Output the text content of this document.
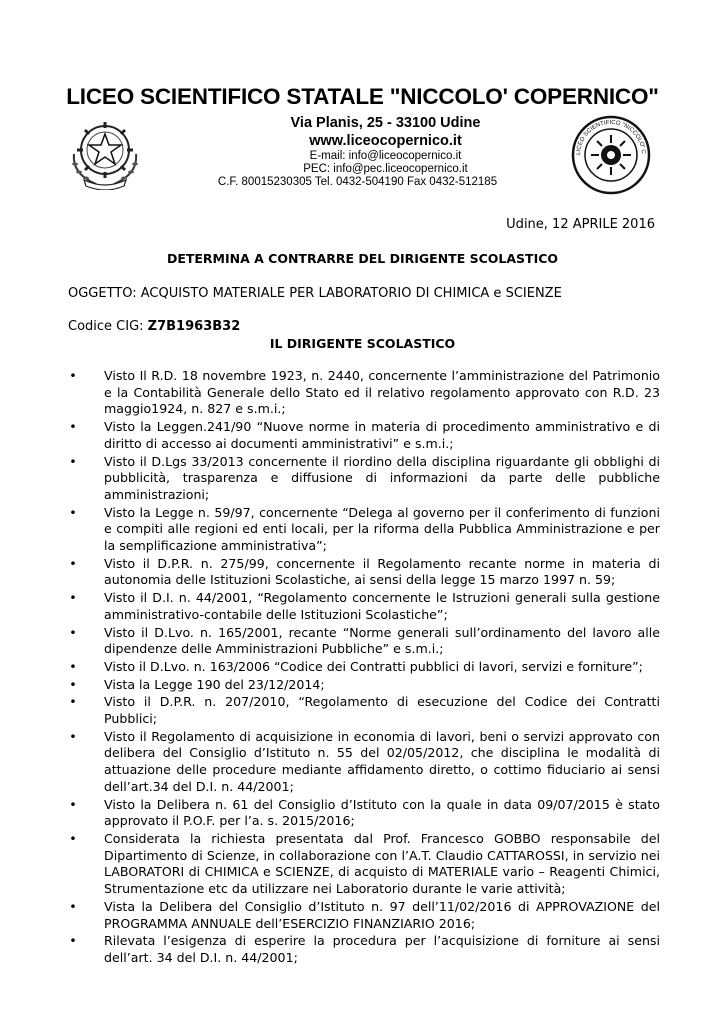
LICEO SCIENTIFICO STATALE "NICCOLO' COPERNICO"
Via Planis, 25 - 33100 Udine
www.liceocopernico.it
E-mail: info@liceocopernico.it
PEC: info@pec.liceocopernico.it
C.F. 80015230305 Tel. 0432-504190 Fax 0432-512185
LICEO SCIENTIFICO "NICCOLO' C
Udine, 12 APRILE 2016
DETERMINA A CONTRARRE DEL DIRIGENTE SCOLASTICO
OGGETTO: ACQUISTO MATERIALE PER LABORATORIO DI CHIMICA e SCIENZE
Codice CIG: Z7B1963B32
IL DIRIGENTE SCOLASTICO
• Visto Il R.D. 18 novembre 1923, n. 2440, concernente l’amministrazione del Patrimonio e la Contabilità Generale dello Stato ed il relativo regolamento approvato con R.D. 23 maggio1924, n. 827 e s.m.i.;
• Visto la Leggen.241/90 “Nuove norme in materia di procedimento amministrativo e di diritto di accesso ai documenti amministrativi” e s.m.i.;
• Visto il D.Lgs 33/2013 concernente il riordino della disciplina riguardante gli obblighi di pubblicità, trasparenza e diffusione di informazioni da parte delle pubbliche amministrazioni;
• Visto la Legge n. 59/97, concernente “Delega al governo per il conferimento di funzioni e compiti alle regioni ed enti locali, per la riforma della Pubblica Amministrazione e per la semplificazione amministrativa”;
• Visto il D.P.R. n. 275/99, concernente il Regolamento recante norme in materia di autonomia delle Istituzioni Scolastiche, ai sensi della legge 15 marzo 1997 n. 59;
• Visto il D.I. n. 44/2001, “Regolamento concernente le Istruzioni generali sulla gestione amministrativo-contabile delle Istituzioni Scolastiche”;
• Visto il D.Lvo. n. 165/2001, recante “Norme generali sull’ordinamento del lavoro alle dipendenze delle Amministrazioni Pubbliche” e s.m.i.;
• Visto il D.Lvo. n. 163/2006 “Codice dei Contratti pubblici di lavori, servizi e forniture”;
• Vista la Legge 190 del 23/12/2014;
• Visto il D.P.R. n. 207/2010, “Regolamento di esecuzione del Codice dei Contratti Pubblici;
• Visto il Regolamento di acquisizione in economia di lavori, beni o servizi approvato con delibera del Consiglio d’Istituto n. 55 del 02/05/2012, che disciplina le modalità di attuazione delle procedure mediante affidamento diretto, o cottimo fiduciario ai sensi dell’art.34 del D.I. n. 44/2001;
• Visto la Delibera n. 61 del Consiglio d’Istituto con la quale in data 09/07/2015 è stato approvato il P.O.F. per l’a. s. 2015/2016;
• Considerata la richiesta presentata dal Prof. Francesco GOBBO responsabile del Dipartimento di Scienze, in collaborazione con l’A.T. Claudio CATTAROSSI, in servizio nei LABORATORI di CHIMICA e SCIENZE, di acquisto di MATERIALE vario – Reagenti Chimici, Strumentazione etc da utilizzare nei Laboratorio durante le varie attività;
• Vista la Delibera del Consiglio d’Istituto n. 97 dell’11/02/2016 di APPROVAZIONE del PROGRAMMA ANNUALE dell’ESERCIZIO FINANZIARIO 2016;
• Rilevata l’esigenza di esperire la procedura per l’acquisizione di forniture ai sensi dell’art. 34 del D.I. n. 44/2001;
